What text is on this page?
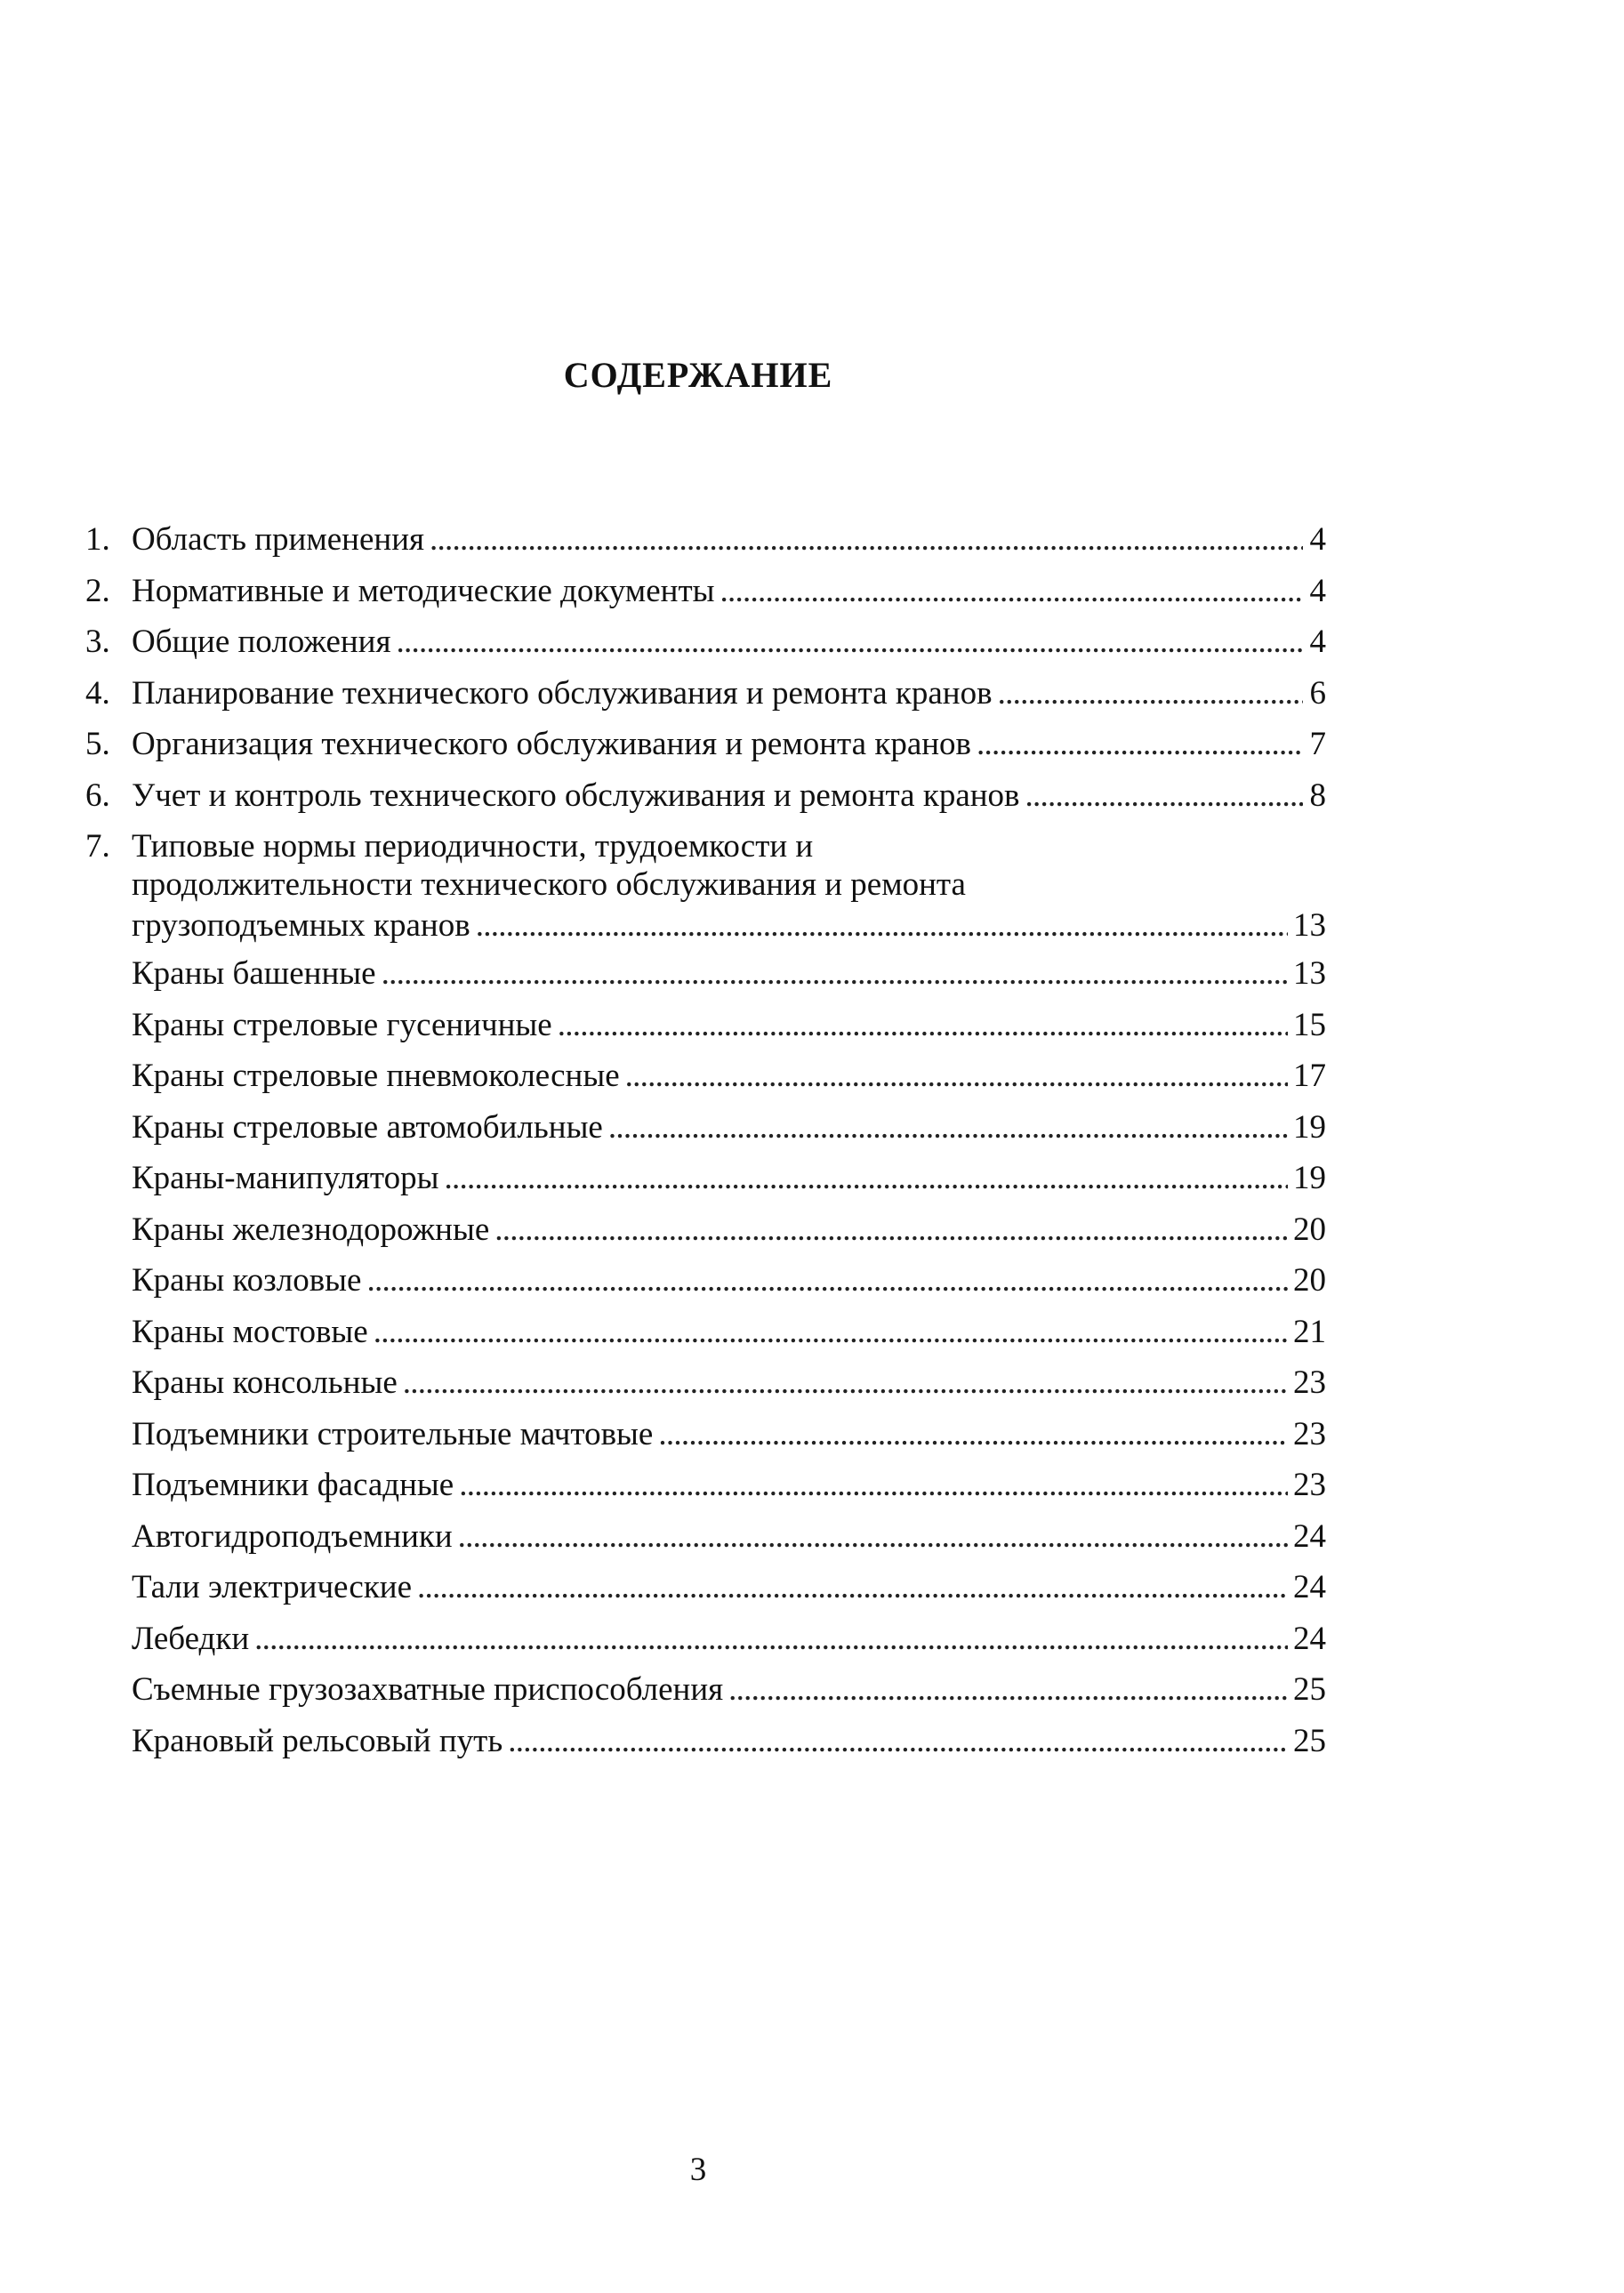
СОДЕРЖАНИЕ
1. Область применения . . .	4
2. Нормативные и методические документы . . .	4
3. Общие положения . . .	4
4. Планирование технического обслуживания и ремонта кранов . . .	6
5. Организация технического обслуживания и ремонта кранов . . .	7
6. Учет и контроль технического обслуживания и ремонта кранов . . .	8
7. Типовые нормы периодичности, трудоемкости и
продолжительности технического обслуживания и ремонта
грузоподъемных кранов . . .	13
Краны башенные . . .	13
Краны стреловые гусеничные . . .	15
Краны стреловые пневмоколесные . . .	17
Краны стреловые автомобильные . . .	19
Краны-манипуляторы . . .	19
Краны железнодорожные . . .	20
Краны козловые . . .	20
Краны мостовые . . .	21
Краны консольные . . .	23
Подъемники строительные мачтовые . . .	23
Подъемники фасадные . . .	23
Автогидроподъемники . . .	24
Тали электрические . . .	24
Лебедки . . .	24
Съемные грузозахватные приспособления . . .	25
Крановый рельсовый путь . . .	25
3
